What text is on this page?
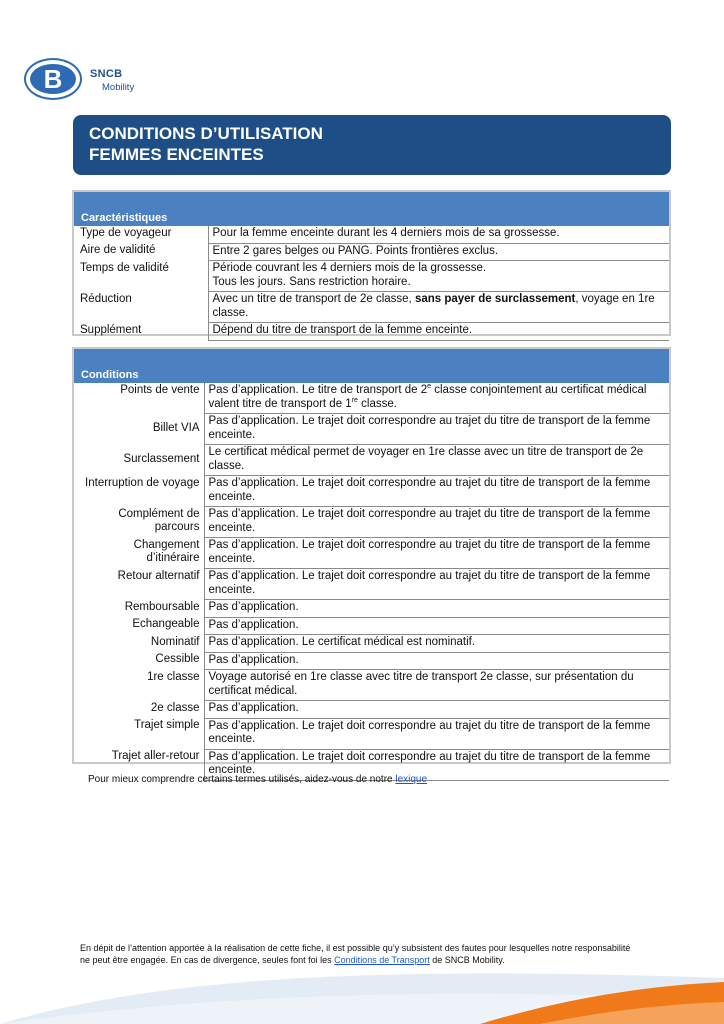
B	SNCB
Mobility
CONDITIONS D’UTILISATION
FEMMES ENCEINTES
Caractéristiques
Type de voyageur	Pour la femme enceinte durant les 4 derniers mois de sa grossesse.
Aire de validité	Entre 2 gares belges ou PANG. Points frontières exclus.
Temps de validité	Période couvrant les 4 derniers mois de la grossesse.
Tous les jours. Sans restriction horaire.

Réduction	Avec un titre de transport de 2e classe, sans payer de surclassement, voyage en 1re classe.
Supplément	Dépend du titre de transport de la femme enceinte.
Conditions
Points de vente	Pas d’application. Le titre de transport de 2e classe conjointement au certificat médical valent titre de transport de 1re classe.
Billet VIA	Pas d’application. Le trajet doit correspondre au trajet du titre de transport de la femme enceinte.
Surclassement	Le certificat médical permet de voyager en 1re classe avec un titre de transport de 2e classe.
Interruption de voyage	Pas d’application. Le trajet doit correspondre au trajet du titre de transport de la femme enceinte.
Complément de parcours	Pas d’application. Le trajet doit correspondre au trajet du titre de transport de la femme enceinte.
Changement d’itinéraire	Pas d’application. Le trajet doit correspondre au trajet du titre de transport de la femme enceinte.
Retour alternatif	Pas d’application. Le trajet doit correspondre au trajet du titre de transport de la femme enceinte.
Remboursable	Pas d’application.
Echangeable	Pas d’application.
Nominatif	Pas d’application. Le certificat médical est nominatif.
Cessible	Pas d’application.
1re classe	Voyage autorisé en 1re classe avec titre de transport 2e classe, sur présentation du certificat médical.
2e classe	Pas d’application.
Trajet simple	Pas d’application. Le trajet doit correspondre au trajet du titre de transport de la femme enceinte.
Trajet aller-retour	Pas d’application. Le trajet doit correspondre au trajet du titre de transport de la femme enceinte.
Pour mieux comprendre certains termes utilisés, aidez-vous de notre lexique
En dépit de l’attention apportée à la réalisation de cette fiche, il est possible qu’y subsistent des fautes pour lesquelles notre responsabilité ne peut être engagée. En cas de divergence, seules font foi les Conditions de Transport de SNCB Mobility.
